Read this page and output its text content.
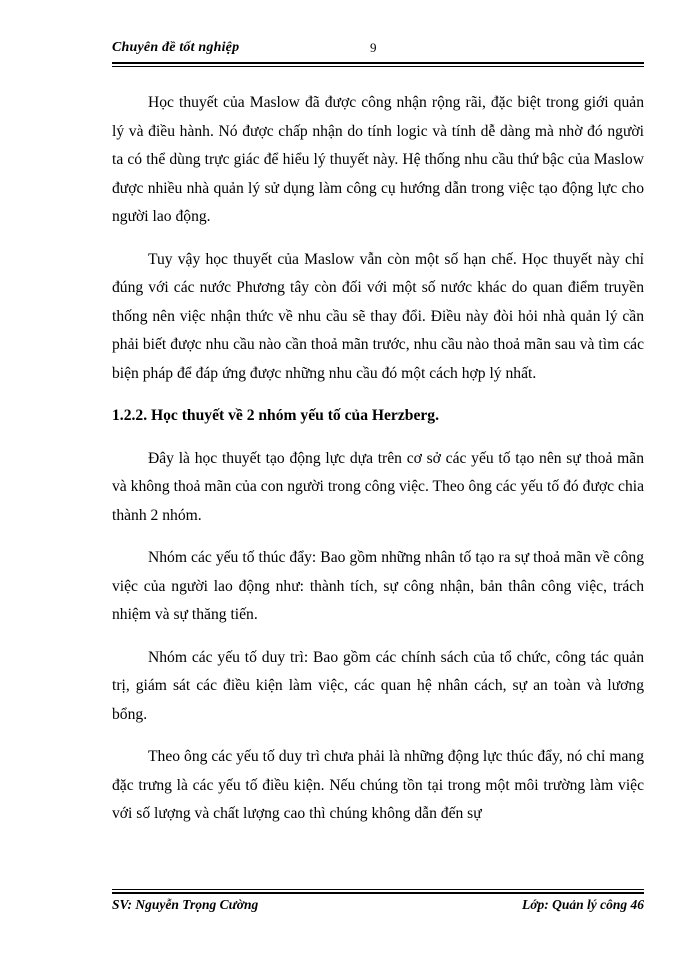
Chuyên đề tốt nghiệp	9

Học thuyết của Maslow đã được công nhận rộng rãi, đặc biệt trong giới quản lý và điều hành. Nó được chấp nhận do tính logic và tính dễ dàng mà nhờ đó người ta có thể dùng trực giác để hiểu lý thuyết này. Hệ thống nhu cầu thứ bậc của Maslow được nhiều nhà quản lý sử dụng làm công cụ hướng dẫn trong việc tạo động lực cho người lao động.

Tuy vậy học thuyết của Maslow vẫn còn một số hạn chế. Học thuyết này chỉ đúng với các nước Phương tây còn đối với một số nước khác do quan điểm truyền thống nên việc nhận thức về nhu cầu sẽ thay đổi. Điều này đòi hỏi nhà quản lý cần phải biết được nhu cầu nào cần thoả mãn trước, nhu cầu nào thoả mãn sau và tìm các biện pháp để đáp ứng được những nhu cầu đó một cách hợp lý nhất.

1.2.2. Học thuyết về 2 nhóm yếu tố của Herzberg.

Đây là học thuyết tạo động lực dựa trên cơ sở các yếu tố tạo nên sự thoả mãn và không thoả mãn của con người trong công việc. Theo ông các yếu tố đó được chia thành 2 nhóm.

Nhóm các yếu tố thúc đẩy: Bao gồm những nhân tố tạo ra sự thoả mãn về công việc của người lao động như: thành tích, sự công nhận, bản thân công việc, trách nhiệm và sự thăng tiến.

Nhóm các yếu tố duy trì: Bao gồm các chính sách của tổ chức, công tác quản trị, giám sát các điều kiện làm việc, các quan hệ nhân cách, sự an toàn và lương bổng.

Theo ông các yếu tố duy trì chưa phải là những động lực thúc đẩy, nó chỉ mang đặc trưng là các yếu tố điều kiện. Nếu chúng tồn tại trong một môi trường làm việc với số lượng và chất lượng cao thì chúng không dẫn đến sự

SV: Nguyễn Trọng Cường	Lớp: Quản lý công 46
